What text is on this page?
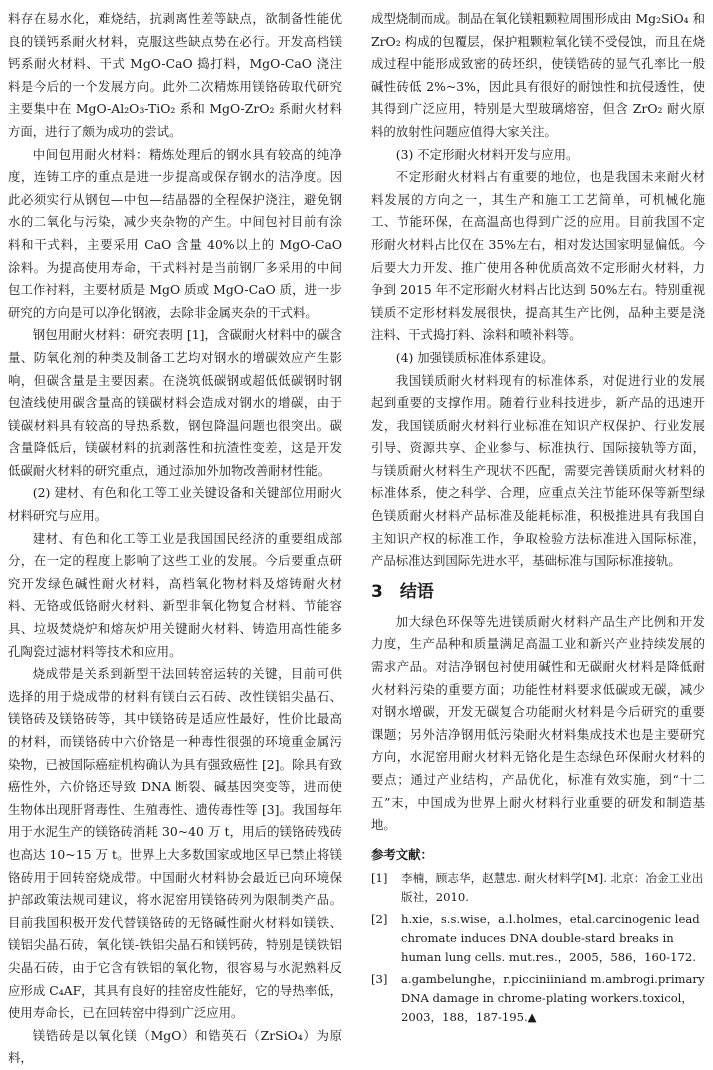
料存在易水化，难烧结，抗剥离性差等缺点，欲制备性能优良的镁钙系耐火材料，克服这些缺点势在必行。开发高档镁钙系耐火材料、干式 MgO-CaO 捣打料，MgO-CaO 浇注料是今后的一个发展方向。此外二次精炼用镁铬砖取代研究主要集中在 MgO-Al₂O₃-TiO₂ 系和 MgO-ZrO₂ 系耐火材料方面，进行了颇为成功的尝试。

中间包用耐火材料：精炼处理后的钢水具有较高的纯净度，连铸工序的重点是进一步提高或保存钢水的洁净度。因此必须实行从钢包—中包—结晶器的全程保护浇注，避免钢水的二氧化与污染，减少夹杂物的产生。中间包衬目前有涂料和干式料，主要采用 CaO 含量 40%以上的 MgO-CaO 涂料。为提高使用寿命，干式料衬是当前钢厂多采用的中间包工作衬料，主要材质是 MgO 质或 MgO-CaO 质，进一步研究的方向是可以净化钢液，去除非金属夹杂的干式料。

钢包用耐火材料：研究表明 [1]，含碳耐火材料中的碳含量、防氧化剂的种类及制备工艺均对钢水的增碳效应产生影响，但碳含量是主要因素。在浇筑低碳钢或超低低碳钢时钢包渣线使用碳含量高的镁碳材料会造成对钢水的增碳，由于镁碳材料具有较高的导热系数，钢包降温问题也很突出。碳含量降低后，镁碳材料的抗剥落性和抗渣性变差，这是开发低碳耐火材料的研究重点，通过添加外加物改善耐材性能。

(2) 建材、有色和化工等工业关键设备和关键部位用耐火材料研究与应用。

建材、有色和化工等工业是我国国民经济的重要组成部分，在一定的程度上影响了这些工业的发展。今后要重点研究开发绿色碱性耐火材料，高档氧化物材料及熔铸耐火材料、无铬或低铬耐火材料、新型非氧化物复合材料、节能容具、垃圾焚烧炉和熔灰炉用关键耐火材料、铸造用高性能多孔陶瓷过滤材料等技术和应用。

烧成带是关系到新型干法回转窑运转的关键，目前可供选择的用于烧成带的材料有镁白云石砖、改性镁铝尖晶石、镁铬砖及镁铬砖等，其中镁铬砖是适应性最好，性价比最高的材料，而镁铬砖中六价铬是一种毒性很强的环境重金属污染物，已被国际癌症机构确认为具有强致癌性 [2]。除具有致癌性外，六价铬还导致 DNA 断裂、碱基因突变等，进而使生物体出现肝肾毒性、生殖毒性、遗传毒性等 [3]。我国每年用于水泥生产的镁铬砖消耗 30~40 万 t，用后的镁铬砖残砖也高达 10~15 万 t。世界上大多数国家或地区早已禁止将镁铬砖用于回转窑烧成带。中国耐火材料协会最近已向环境保护部政策法规司建议，将水泥窑用镁铬砖列为限制类产品。目前我国积极开发代替镁铬砖的无铬碱性耐火材料如镁铁、镁铝尖晶石砖，氧化镁-铁铝尖晶石和镁钙砖，特别是镁铁铝尖晶石砖，由于它含有铁铝的氧化物，很容易与水泥熟料反应形成 C₄AF，其具有良好的挂窑皮性能好，它的导热率低，使用寿命长，已在回转窑中得到广泛应用。

镁锆砖是以氧化镁（MgO）和锆英石（ZrSiO₄）为原料，

成型烧制而成。制品在氧化镁粗颗粒周围形成由 Mg₂SiO₄ 和 ZrO₂ 构成的包覆层，保护粗颗粒氧化镁不受侵蚀，而且在烧成过程中能形成致密的砖坯织，使镁锆砖的显气孔率比一般碱性砖低 2%~3%，因此具有很好的耐蚀性和抗侵透性，使其得到广泛应用，特别是大型玻璃熔窑，但含 ZrO₂ 耐火原料的放射性问题应值得大家关注。

(3) 不定形耐火材料开发与应用。

不定形耐火材料占有重要的地位，也是我国未来耐火材料发展的方向之一，其生产和施工工艺简单，可机械化施工、节能环保，在高温高也得到广泛的应用。目前我国不定形耐火材料占比仅在 35%左右，相对发达国家明显偏低。今后要大力开发、推广使用各种优质高效不定形耐火材料，力争到 2015 年不定形耐火材料占比达到 50%左右。特别重视镁质不定形材料发展很快，提高其生产比例，品种主要是浇注料、干式捣打料、涂料和喷补料等。

(4) 加强镁质标准体系建设。

我国镁质耐火材料现有的标准体系，对促进行业的发展起到重要的支撑作用。随着行业科技进步，新产品的迅速开发，我国镁质耐火材料行业标准在知识产权保护、行业发展引导、资源共享、企业参与、标准执行、国际接轨等方面，与镁质耐火材料生产现状不匹配，需要完善镁质耐火材料的标准体系，使之科学、合理，应重点关注节能环保等新型绿色镁质耐火材料产品标准及能耗标准，积极推进具有我国自主知识产权的标准工作，争取检验方法标准进入国际标准，产品标准达到国际先进水平，基础标准与国际标准接轨。

3　结语

加大绿色环保等先进镁质耐火材料产品生产比例和开发力度，生产品种和质量满足高温工业和新兴产业持续发展的需求产品。对洁净钢包衬使用碱性和无碳耐火材料是降低耐火材料污染的重要方面；功能性材料要求低碳或无碳，减少对钢水增碳，开发无碳复合功能耐火材料是今后研究的重要课题；另外洁净钢用低污染耐火材料集成技术也是主要研究方向，水泥窑用耐火材料无铬化是生态绿色环保耐火材料的要点；通过产业结构，产品优化，标准有效实施，到“十二五”末，中国成为世界上耐火材料行业重要的研发和制造基地。

参考文献：
[1]	李楠，顾志华，赵慧忠. 耐火材料学[M]. 北京：冶金工业出版社，2010.
[2]	h.xie，s.s.wise，a.l.holmes，etal.carcinogenic lead chromate induces DNA double-stard breaks in human lung cells. mut.res.，2005，586，160-172.
[3]	a.gambelunghe，r.picciniiniand m.ambrogi.primary DNA damage in chrome-plating workers.toxicol，2003，188，187-195.▲
